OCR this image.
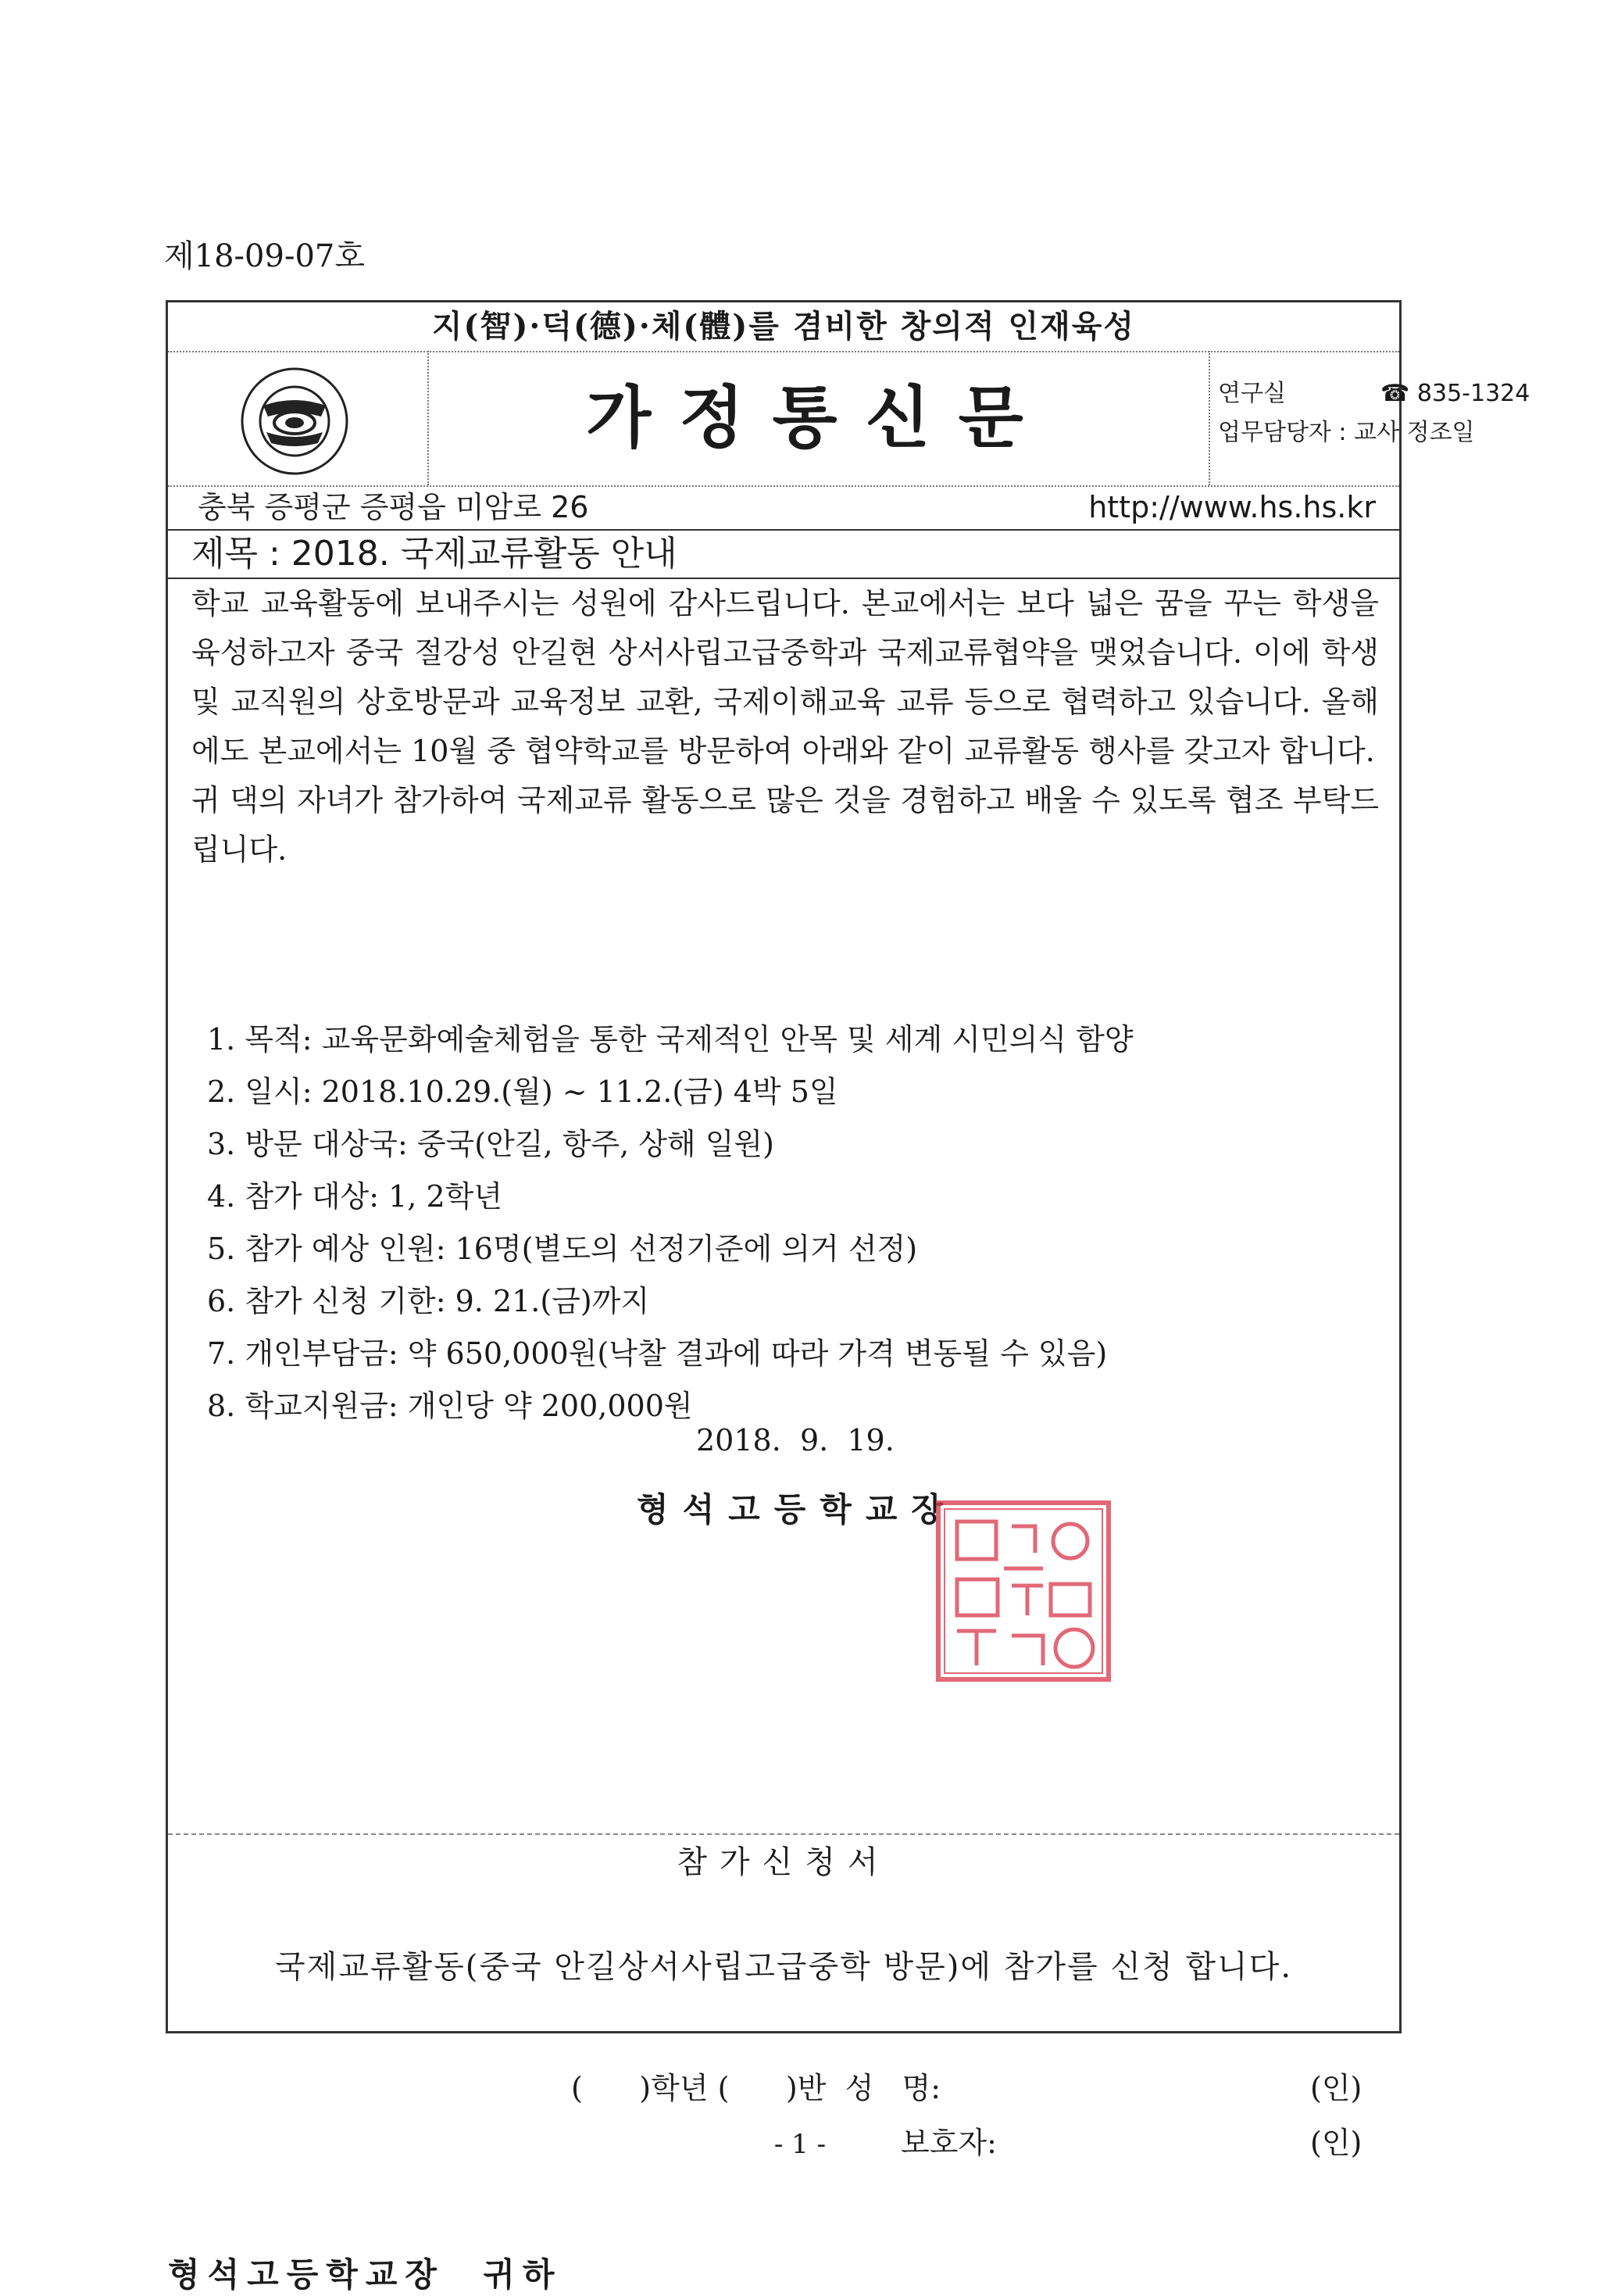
제18-09-07호
지(智)·덕(德)·체(體)를 겸비한 창의적 인재육성
가정통신문	연구실	☎ 835-1324
업무담당자 : 교사 정조일
충북 증평군 증평읍 미암로 26	http://www.hs.hs.kr
제목 : 2018. 국제교류활동 안내

학교 교육활동에 보내주시는 성원에 감사드립니다. 본교에서는 보다 넓은 꿈을 꾸는 학생을 육성하고자 중국 절강성 안길현 상서사립고급중학과 국제교류협약을 맺었습니다. 이에 학생 및 교직원의 상호방문과 교육정보 교환, 국제이해교육 교류 등으로 협력하고 있습니다. 올해에도 본교에서는 10월 중 협약학교를 방문하여 아래와 같이 교류활동 행사를 갖고자 합니다.
귀 댁의 자녀가 참가하여 국제교류 활동으로 많은 것을 경험하고 배울 수 있도록 협조 부탁드립니다.

1. 목적: 교육문화예술체험을 통한 국제적인 안목 및 세계 시민의식 함양
2. 일시: 2018.10.29.(월) ~ 11.2.(금) 4박 5일
3. 방문 대상국: 중국(안길, 항주, 상해 일원)
4. 참가 대상: 1, 2학년
5. 참가 예상 인원: 16명(별도의 선정기준에 의거 선정)
6. 참가 신청 기한: 9. 21.(금)까지
7. 개인부담금: 약 650,000원(낙찰 결과에 따라 가격 변동될 수 있음)
8. 학교지원금: 개인당 약 200,000원
2018.  9.  19.
형석고등학교장
참가신청서
국제교류활동(중국 안길상서사립고급중학 방문)에 참가를 신청 합니다.
(      )학년 (      )반  성   명:	(인)
보호자:	(인)
형석고등학교장  귀하
- 1 -
